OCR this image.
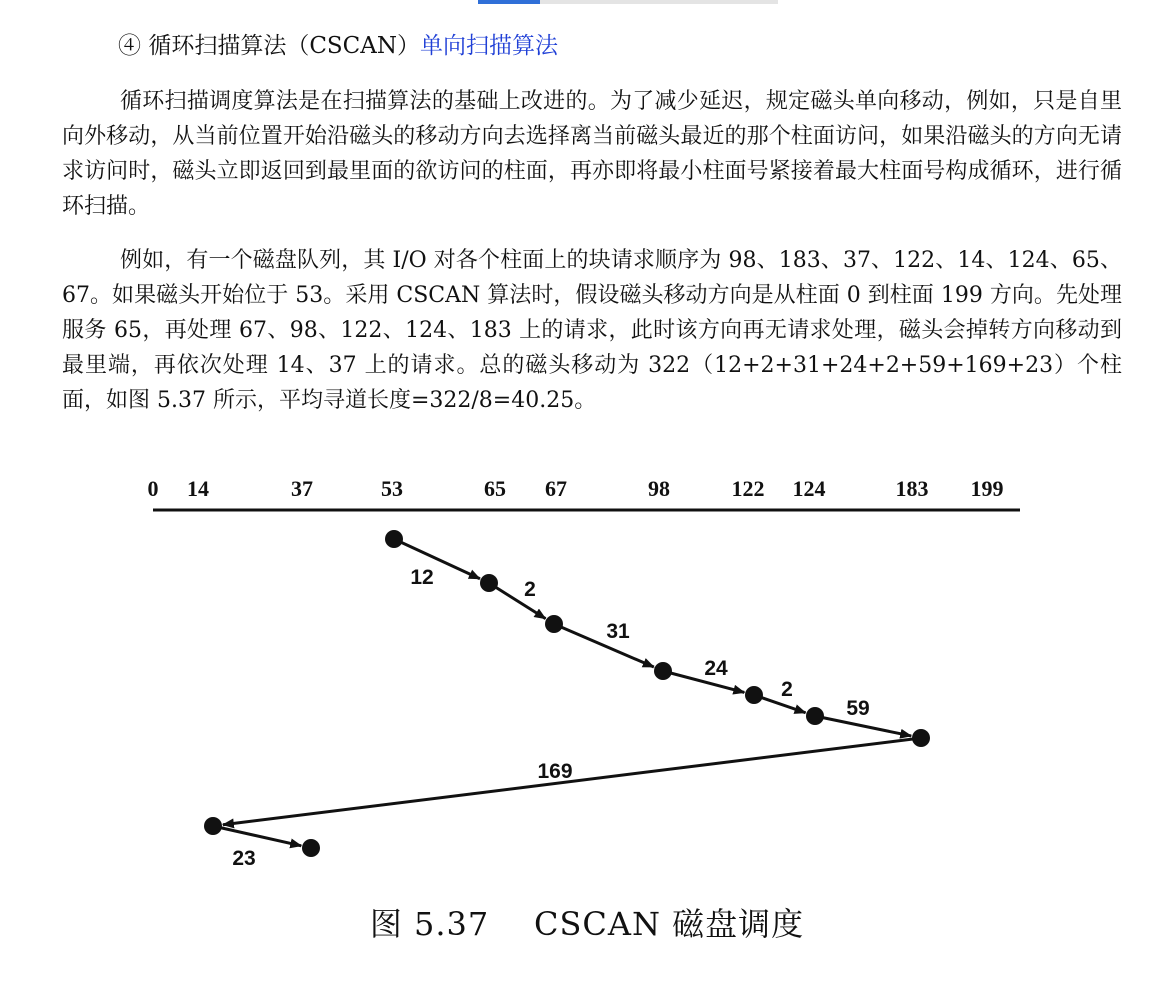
④ 循环扫描算法（CSCAN）单向扫描算法

循环扫描调度算法是在扫描算法的基础上改进的。为了减少延迟，规定磁头单向移动，例如，只是自里向外移动，从当前位置开始沿磁头的移动方向去选择离当前磁头最近的那个柱面访问，如果沿磁头的方向无请求访问时，磁头立即返回到最里面的欲访问的柱面，再亦即将最小柱面号紧接着最大柱面号构成循环，进行循环扫描。

例如，有一个磁盘队列，其 I/O 对各个柱面上的块请求顺序为 98、183、37、122、14、124、65、67。如果磁头开始位于 53。采用 CSCAN 算法时，假设磁头移动方向是从柱面 0 到柱面 199 方向。先处理服务 65，再处理 67、98、122、124、183 上的请求，此时该方向再无请求处理，磁头会掉转方向移动到最里端，再依次处理 14、37 上的请求。总的磁头移动为 322（12+2+31+24+2+59+169+23）个柱面，如图 5.37 所示，平均寻道长度=322/8=40.25。

0 14	37	53	65 67	98	122 124	183 199
12
2
31
24
2
59
169
23
图 5.37    CSCAN 磁盘调度
